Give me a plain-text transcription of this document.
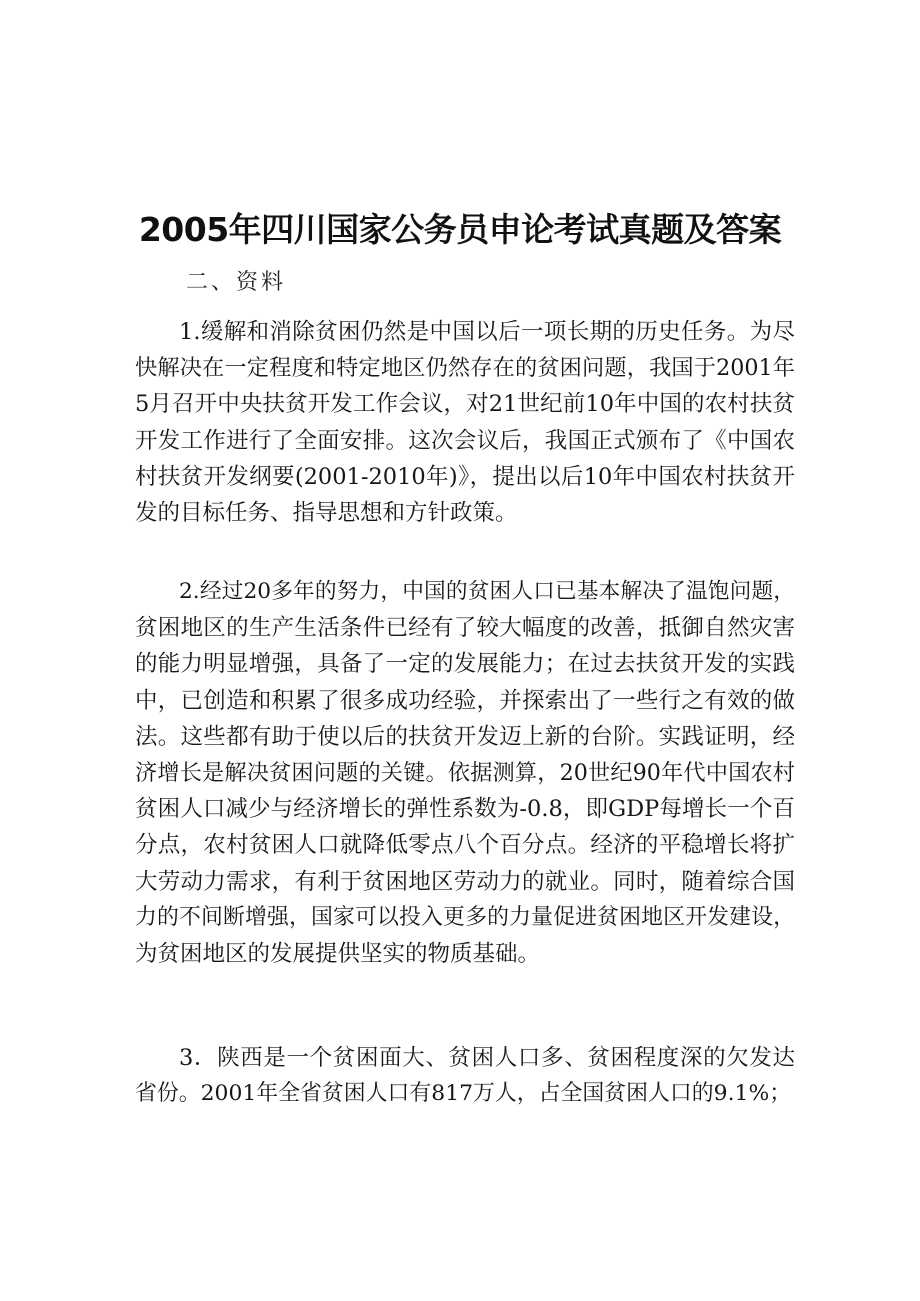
2005年四川国家公务员申论考试真题及答案
二、资料
1.缓解和消除贫困仍然是中国以后一项长期的历史任务。为尽
快解决在一定程度和特定地区仍然存在的贫困问题，我国于2001年
5月召开中央扶贫开发工作会议，对21世纪前10年中国的农村扶贫
开发工作进行了全面安排。这次会议后，我国正式颁布了《中国农
村扶贫开发纲要(2001-2010年)》，提出以后10年中国农村扶贫开
发的目标任务、指导思想和方针政策。
2.经过20多年的努力，中国的贫困人口已基本解决了温饱问题，
贫困地区的生产生活条件已经有了较大幅度的改善，抵御自然灾害
的能力明显增强，具备了一定的发展能力；在过去扶贫开发的实践
中，已创造和积累了很多成功经验，并探索出了一些行之有效的做
法。这些都有助于使以后的扶贫开发迈上新的台阶。实践证明，经
济增长是解决贫困问题的关键。依据测算，20世纪90年代中国农村
贫困人口减少与经济增长的弹性系数为-0.8，即GDP每增长一个百
分点，农村贫困人口就降低零点八个百分点。经济的平稳增长将扩
大劳动力需求，有利于贫困地区劳动力的就业。同时，随着综合国
力的不间断增强，国家可以投入更多的力量促进贫困地区开发建设，
为贫困地区的发展提供坚实的物质基础。
3．陕西是一个贫困面大、贫困人口多、贫困程度深的欠发达
省份。2001年全省贫困人口有817万人，占全国贫困人口的9.1%；
